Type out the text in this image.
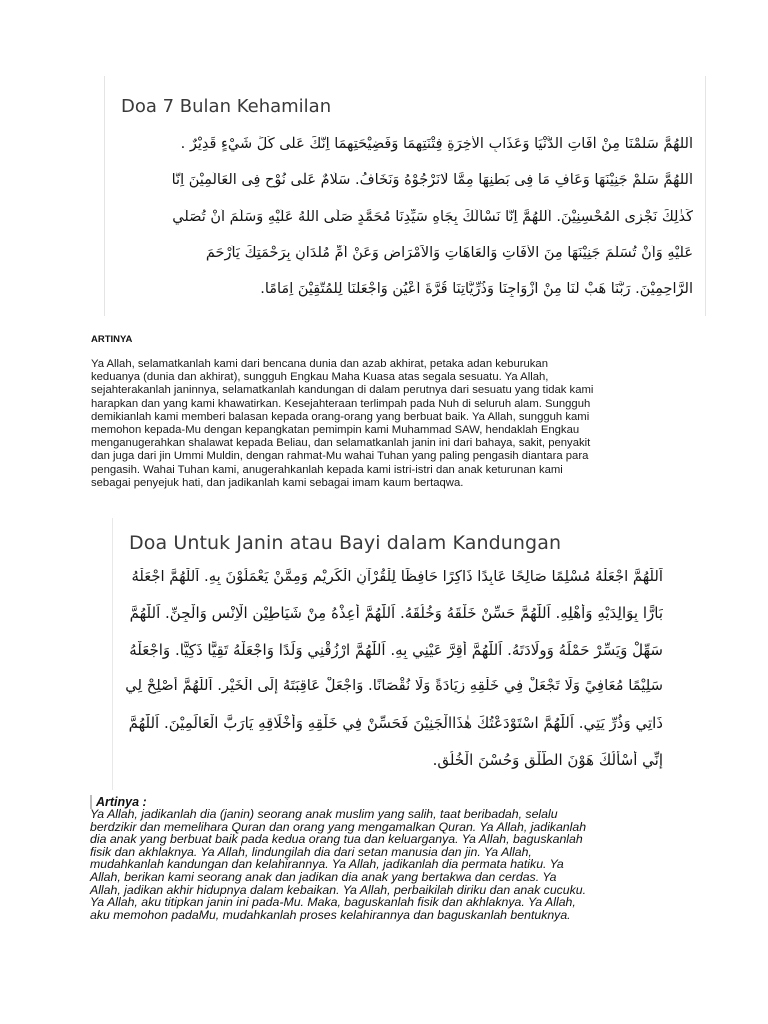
Doa 7 Bulan Kehamilan
اَللهُمَّ سَلِّمْنَا مِنْ اٰفَاتِ الدُّنْيَا وَعَذَابِ الْاٰخِرَةِ فِتْنَتِهِمَا وَفَضِيْحَتِهِمَا اِنَّكَ عَلٰى كُلِّ شَيْءٍ قَدِيْرٌ .
اَللهُمَّ سَلِّمْ جَنِيْنَهَا وَعَافِ مَا فِى بَطْنِهَا مِمَّا لَانَرْجُوْهُ وَنَخَافُ. سَلَامٌ عَلٰى نُوْحٍ فِى الْعَالَمِيْنَ اِنَّا
كَذٰلِكَ نَجْزِى الْمُحْسِنِيْنَ. اَللهُمَّ اِنَّا نَسْاَلُكَ بِجَاهِ سَيِّدِنَا مُحَمَّدٍ صَلَّى اللهُ عَلَيْهِ وَسَلَّمَ اَنْ تُصَلِّي
عَلَيْهِ وَاَنْ تُسَلِّمَ جَنِيْنَهَا مِنَ الْاٰفَاتِ وَالْعَاهَاتِ وَالْاَمْرَاضِ وَعَنْ اُمِّ مُلْدَانِ بِرَحْمَتِكَ يَاَرْحَمَ
الرَّاحِمِيْنَ. رَبَّنَا هَبْ لَنَا مِنْ اَزْوَاجِنَا وَذُرِّيَّاتِنَا قُرَّةَ اَعْيُنٍ وَاجْعَلْنَا لِلْمُتَّقِيْنَ اِمَامًا.
ARTINYA
Ya Allah, selamatkanlah kami dari bencana dunia dan azab akhirat, petaka adan keburukan
keduanya (dunia dan akhirat), sungguh Engkau Maha Kuasa atas segala sesuatu. Ya Allah,
sejahterakanlah janinnya, selamatkanlah kandungan di dalam perutnya dari sesuatu yang tidak kami
harapkan dan yang kami khawatirkan. Kesejahteraan terlimpah pada Nuh di seluruh alam. Sungguh
demikianlah kami memberi balasan kepada orang-orang yang berbuat baik. Ya Allah, sungguh kami
memohon kepada-Mu dengan kepangkatan pemimpin kami Muhammad SAW, hendaklah Engkau
menganugerahkan shalawat kepada Beliau, dan selamatkanlah janin ini dari bahaya, sakit, penyakit
dan juga dari jin Ummi Muldin, dengan rahmat-Mu wahai Tuhan yang paling pengasih diantara para
pengasih. Wahai Tuhan kami, anugerahkanlah kepada kami istri-istri dan anak keturunan kami
sebagai penyejuk hati, dan jadikanlah kami sebagai imam kaum bertaqwa.
Doa Untuk Janin atau Bayi dalam Kandungan
اَللّٰهُمَّ اجْعَلْهُ مُسْلِمًا صَالِحًا عَابِدًا ذَاكِرًا حَافِظًا لِلْقُرْآنِ الْكَرِيْمِ وَمِمَّنْ يَعْمَلُوْنَ بِهِ. اَللّٰهُمَّ اجْعَلْهُ
بَارًّا بِوَالِدَيْهِ وَأَهْلِهِ. اَللّٰهُمَّ حَسِّنْ خَلْقَهُ وَخُلُقَهُ. اَللّٰهُمَّ أَعِذْهُ مِنْ شَيَاطِيْنِ الْاِنْسِ وَالْجِنِّ. اَللّٰهُمَّ
سَهِّلْ وَيَسِّرْ حَمْلَهُ وَوِلَادَتَهُ. اَللّٰهُمَّ أَقِرَّ عَيْنِي بِهِ. اَللّٰهُمَّ ارْزُقْنِي وَلَدًا وَاجْعَلْهُ تَقِيًّا ذَكِيًّا. وَاجْعَلْهُ
سَلِيْمًا مُعَافِيً وَلَا تَجْعَلْ فِي خَلْقِهِ زِيَادَةً وَلَا نُقْصَانًا. وَاجْعَلْ عَاقِبَتَهُ إِلَى الْخَيْرِ. اَللّٰهُمَّ أَصْلِحْ لِي
ذَاتِي وَذُرِّ يَتِي. اَللّٰهُمَّ اسْتَوْدَعْتُكَ هٰذَاالْجَنِيْنَ فَحَسِّنْ فِي خَلْقِهِ وَأَخْلَاقِهِ يَارَبَّ الْعَالَمِيْنَ. اَللّٰهُمَّ
إِنِّي أَسْأَلُكَ هَوْنَ الطَّلْقِ وَحُسْنَ الْخُلُقِ.
Artinya :
Ya Allah, jadikanlah dia (janin) seorang anak muslim yang salih, taat beribadah, selalu
berdzikir dan memelihara Quran dan orang yang mengamalkan Quran. Ya Allah, jadikanlah
dia anak yang berbuat baik pada kedua orang tua dan keluarganya. Ya Allah, baguskanlah
fisik dan akhlaknya. Ya Allah, lindungilah dia dari setan manusia dan jin. Ya Allah,
mudahkanlah kandungan dan kelahirannya. Ya Allah, jadikanlah dia permata hatiku. Ya
Allah, berikan kami seorang anak dan jadikan dia anak yang bertakwa dan cerdas. Ya
Allah, jadikan akhir hidupnya dalam kebaikan. Ya Allah, perbaikilah diriku dan anak cucuku.
Ya Allah, aku titipkan janin ini pada-Mu. Maka, baguskanlah fisik dan akhlaknya. Ya Allah,
aku memohon padaMu, mudahkanlah proses kelahirannya dan baguskanlah bentuknya.
